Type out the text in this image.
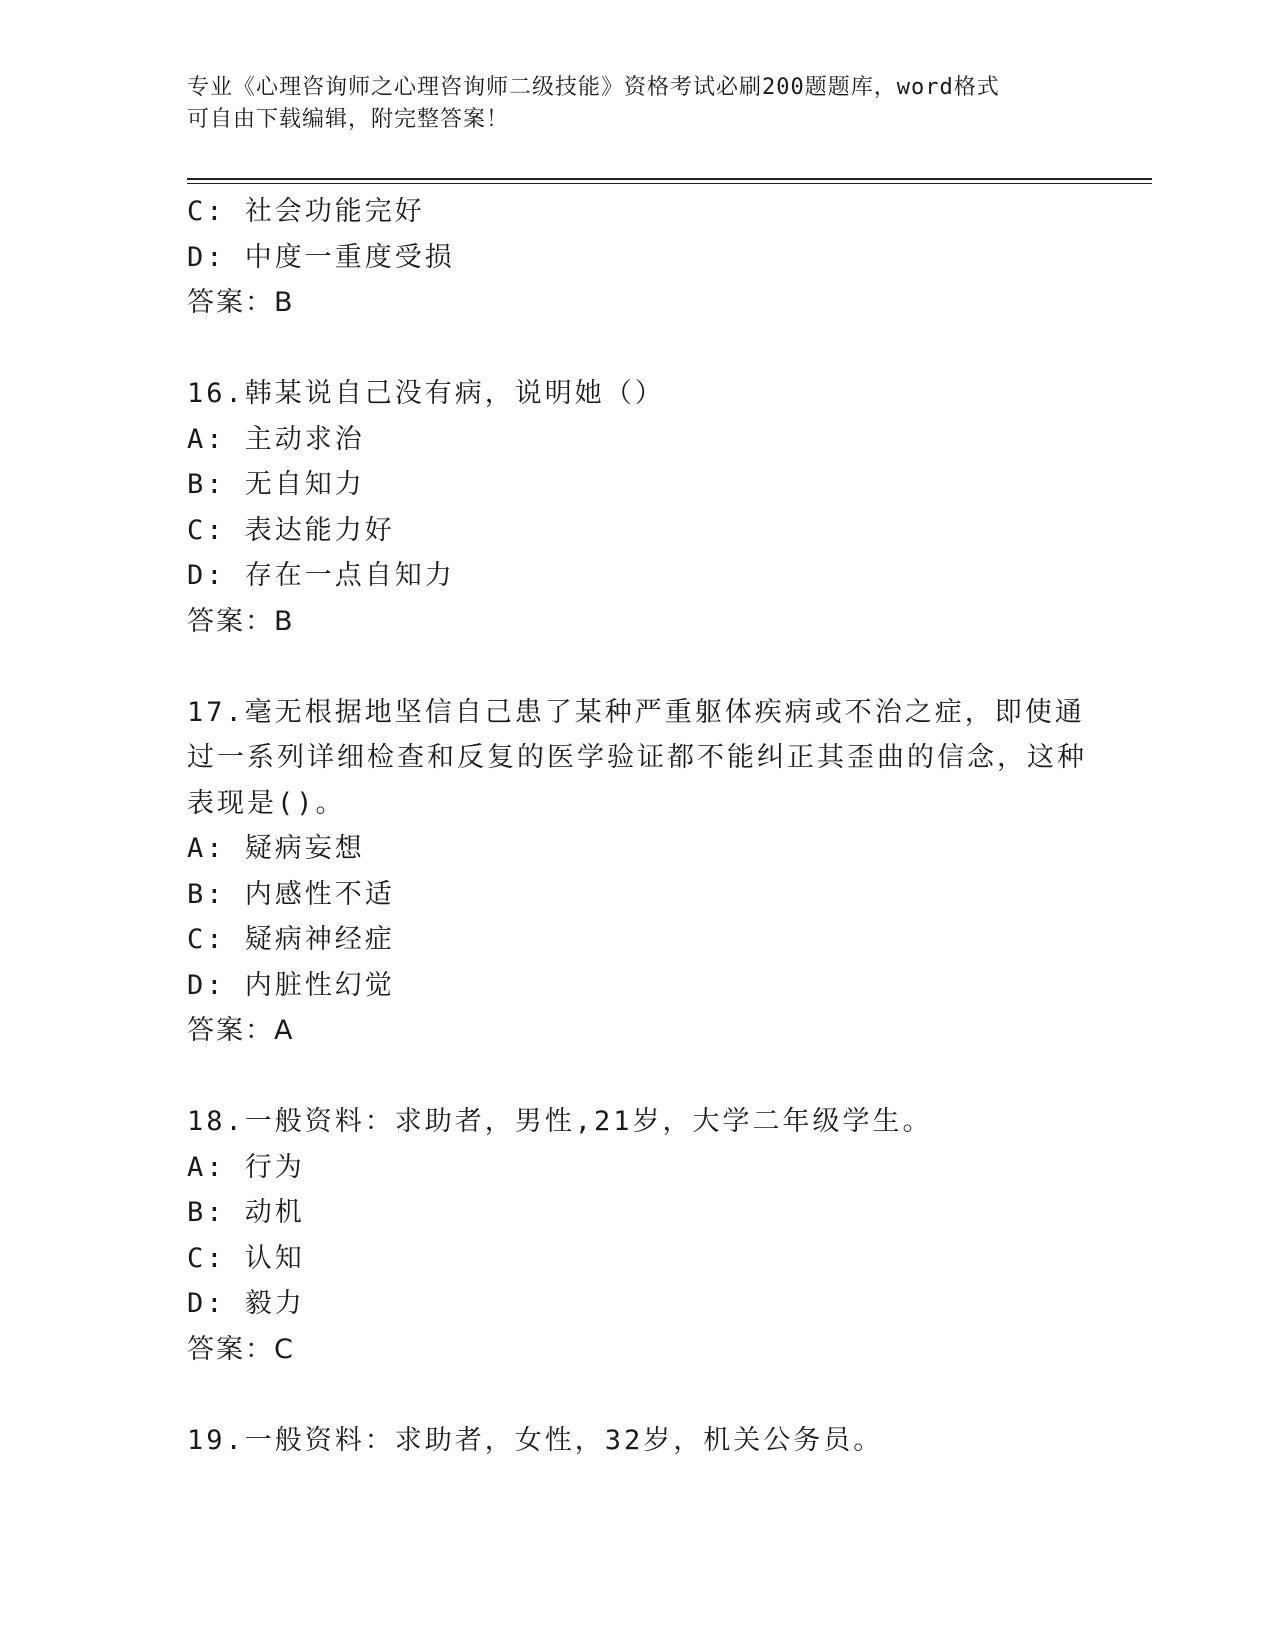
专业《心理咨询师之心理咨询师二级技能》资格考试必刷200题题库，word格式
可自由下载编辑，附完整答案！
C: 社会功能完好
D: 中度一重度受损
答案：B
16.韩某说自己没有病，说明她（）
A: 主动求治
B: 无自知力
C: 表达能力好
D: 存在一点自知力
答案：B
17.毫无根据地坚信自己患了某种严重躯体疾病或不治之症，即使通过一系列详细检查和反复的医学验证都不能纠正其歪曲的信念，这种表现是()。
A: 疑病妄想
B: 内感性不适
C: 疑病神经症
D: 内脏性幻觉
答案：A
18.一般资料：求助者，男性,21岁，大学二年级学生。
A: 行为
B: 动机
C: 认知
D: 毅力
答案：C
19.一般资料：求助者，女性，32岁，机关公务员。
